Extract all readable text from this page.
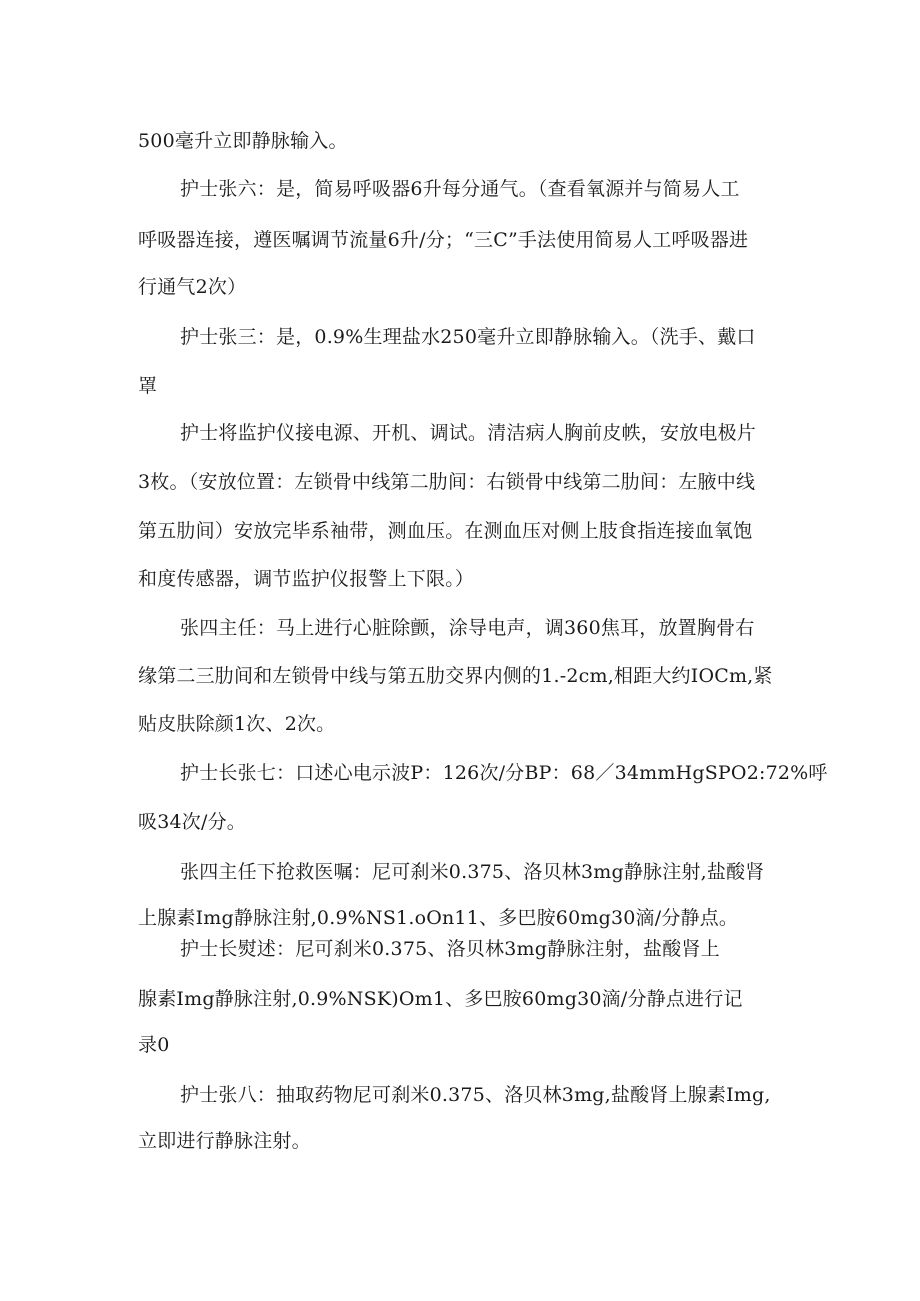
500毫升立即静脉输入。
护士张六：是，简易呼吸器6升每分通气。（查看氧源并与简易人工
呼吸器连接，遵医嘱调节流量6升/分；“三C”手法使用简易人工呼吸器进
行通气2次）
护士张三：是，0.9%生理盐水250毫升立即静脉输入。（洗手、戴口
罩
护士将监护仪接电源、开机、调试。清洁病人胸前皮帙，安放电极片
3枚。（安放位置：左锁骨中线第二肋间：右锁骨中线第二肋间：左腋中线
第五肋间）安放完毕系袖带，测血压。在测血压对侧上肢食指连接血氧饱
和度传感器，调节监护仪报警上下限。）
张四主任：马上进行心脏除颤，涂导电声，调360焦耳，放置胸骨右
缘第二三肋间和左锁骨中线与第五肋交界内侧的1.-2cm,相距大约IOCm,紧
贴皮肤除颜1次、2次。
护士长张七：口述心电示波P：126次/分BP：68／34mmHgSPO2:72%呼
吸34次/分。
张四主任下抢救医嘱：尼可刹米0.375、洛贝林3mg静脉注射,盐酸肾
上腺素Img静脉注射,0.9%NS1.oOn11、多巴胺60mg30滴/分静点。
护士长熨述：尼可刹米0.375、洛贝林3mg静脉注射，盐酸肾上
腺素Img静脉注射,0.9%NSK)Om1、多巴胺60mg30滴/分静点进行记
录0
护士张八：抽取药物尼可刹米0.375、洛贝林3mg,盐酸肾上腺素Img,
立即进行静脉注射。
